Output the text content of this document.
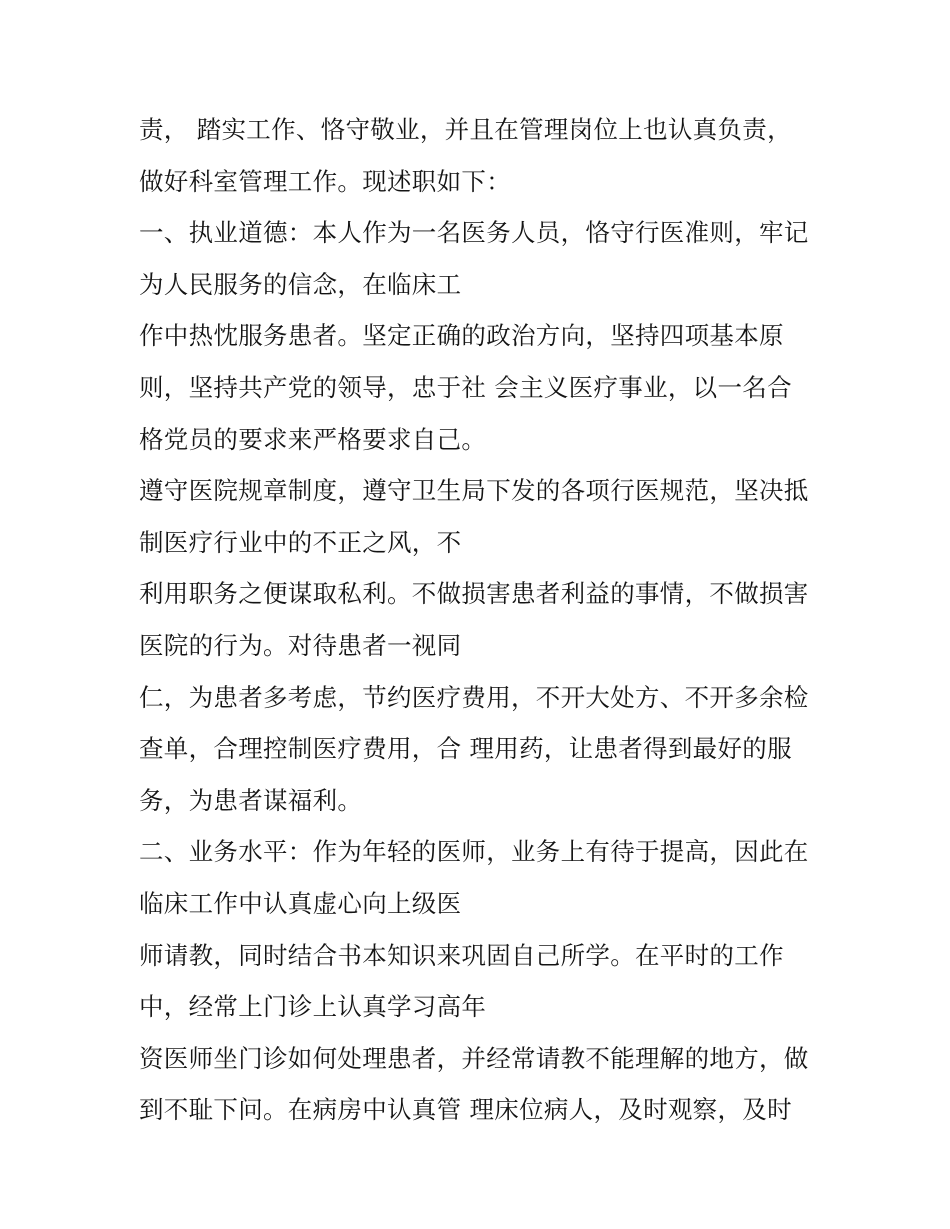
责， 踏实工作、恪守敬业，并且在管理岗位上也认真负责，
做好科室管理工作。现述职如下：
一、执业道德：本人作为一名医务人员，恪守行医准则，牢记
为人民服务的信念，在临床工
作中热忱服务患者。坚定正确的政治方向，坚持四项基本原
则，坚持共产党的领导，忠于社 会主义医疗事业，以一名合
格党员的要求来严格要求自己。
遵守医院规章制度，遵守卫生局下发的各项行医规范，坚决抵
制医疗行业中的不正之风，不
利用职务之便谋取私利。不做损害患者利益的事情，不做损害
医院的行为。对待患者一视同
仁，为患者多考虑，节约医疗费用，不开大处方、不开多余检
查单，合理控制医疗费用，合 理用药，让患者得到最好的服
务，为患者谋福利。
二、业务水平：作为年轻的医师，业务上有待于提高，因此在
临床工作中认真虚心向上级医
师请教，同时结合书本知识来巩固自己所学。在平时的工作
中，经常上门诊上认真学习高年
资医师坐门诊如何处理患者，并经常请教不能理解的地方，做
到不耻下问。在病房中认真管 理床位病人，及时观察，及时
